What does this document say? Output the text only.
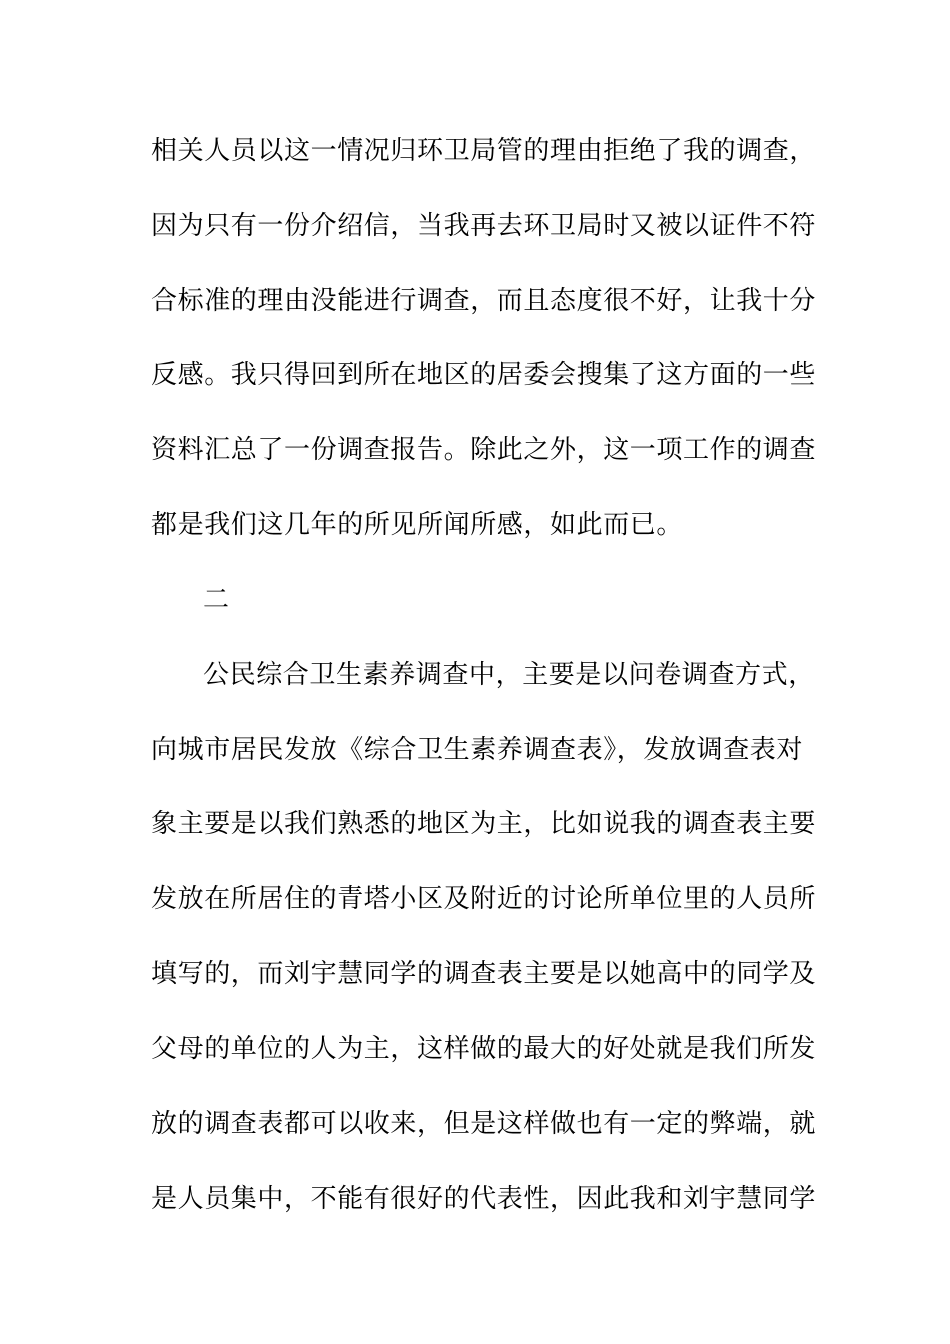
相关人员以这一情况归环卫局管的理由拒绝了我的调查，
因为只有一份介绍信，当我再去环卫局时又被以证件不符
合标准的理由没能进行调查，而且态度很不好，让我十分
反感。我只得回到所在地区的居委会搜集了这方面的一些
资料汇总了一份调查报告。除此之外，这一项工作的调查
都是我们这几年的所见所闻所感，如此而已。
二
公民综合卫生素养调查中，主要是以问卷调查方式，
向城市居民发放《综合卫生素养调查表》，发放调查表对
象主要是以我们熟悉的地区为主，比如说我的调查表主要
发放在所居住的青塔小区及附近的讨论所单位里的人员所
填写的，而刘宇慧同学的调查表主要是以她高中的同学及
父母的单位的人为主，这样做的最大的好处就是我们所发
放的调查表都可以收来，但是这样做也有一定的弊端，就
是人员集中，不能有很好的代表性，因此我和刘宇慧同学
